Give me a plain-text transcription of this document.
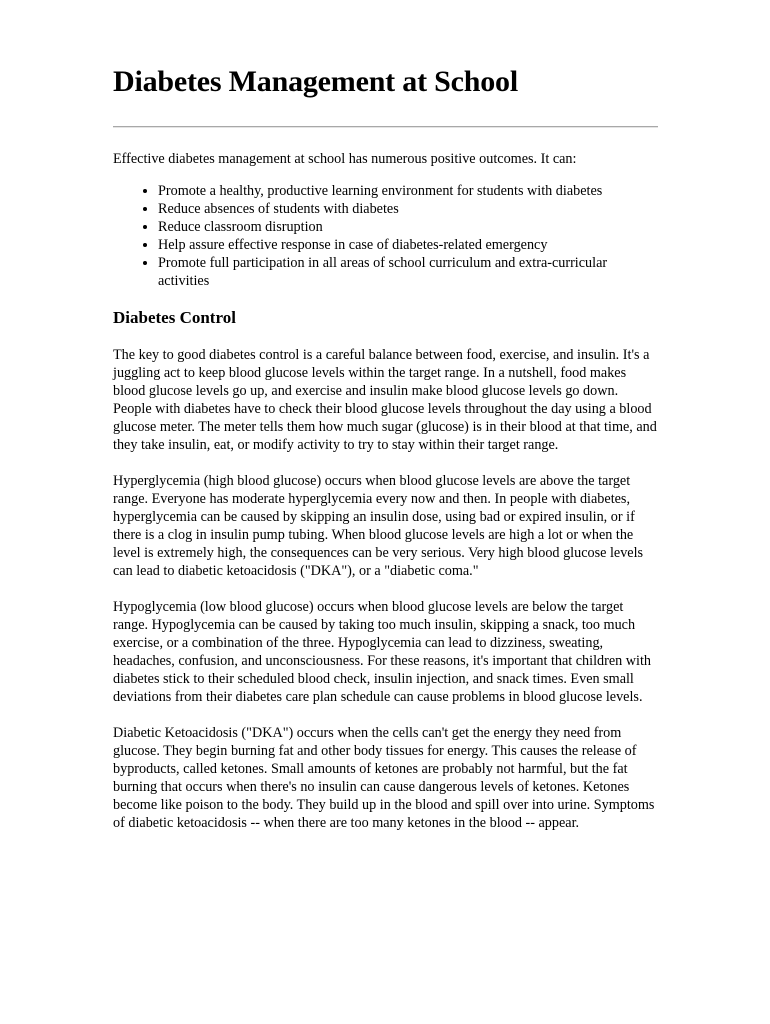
Diabetes Management at School

Effective diabetes management at school has numerous positive outcomes. It can:

• Promote a healthy, productive learning environment for students with diabetes
• Reduce absences of students with diabetes
• Reduce classroom disruption
• Help assure effective response in case of diabetes-related emergency
• Promote full participation in all areas of school curriculum and extra-curricular activities
Diabetes Control

The key to good diabetes control is a careful balance between food, exercise, and insulin. It's a juggling act to keep blood glucose levels within the target range. In a nutshell, food makes blood glucose levels go up, and exercise and insulin make blood glucose levels go down. People with diabetes have to check their blood glucose levels throughout the day using a blood glucose meter. The meter tells them how much sugar (glucose) is in their blood at that time, and they take insulin, eat, or modify activity to try to stay within their target range.

Hyperglycemia (high blood glucose) occurs when blood glucose levels are above the target range. Everyone has moderate hyperglycemia every now and then. In people with diabetes, hyperglycemia can be caused by skipping an insulin dose, using bad or expired insulin, or if there is a clog in insulin pump tubing. When blood glucose levels are high a lot or when the level is extremely high, the consequences can be very serious. Very high blood glucose levels can lead to diabetic ketoacidosis ("DKA"), or a "diabetic coma."

Hypoglycemia (low blood glucose) occurs when blood glucose levels are below the target range. Hypoglycemia can be caused by taking too much insulin, skipping a snack, too much exercise, or a combination of the three. Hypoglycemia can lead to dizziness, sweating, headaches, confusion, and unconsciousness. For these reasons, it's important that children with diabetes stick to their scheduled blood check, insulin injection, and snack times. Even small deviations from their diabetes care plan schedule can cause problems in blood glucose levels.

Diabetic Ketoacidosis ("DKA") occurs when the cells can't get the energy they need from glucose. They begin burning fat and other body tissues for energy. This causes the release of byproducts, called ketones. Small amounts of ketones are probably not harmful, but the fat burning that occurs when there's no insulin can cause dangerous levels of ketones. Ketones become like poison to the body. They build up in the blood and spill over into urine. Symptoms of diabetic ketoacidosis -- when there are too many ketones in the blood -- appear.
